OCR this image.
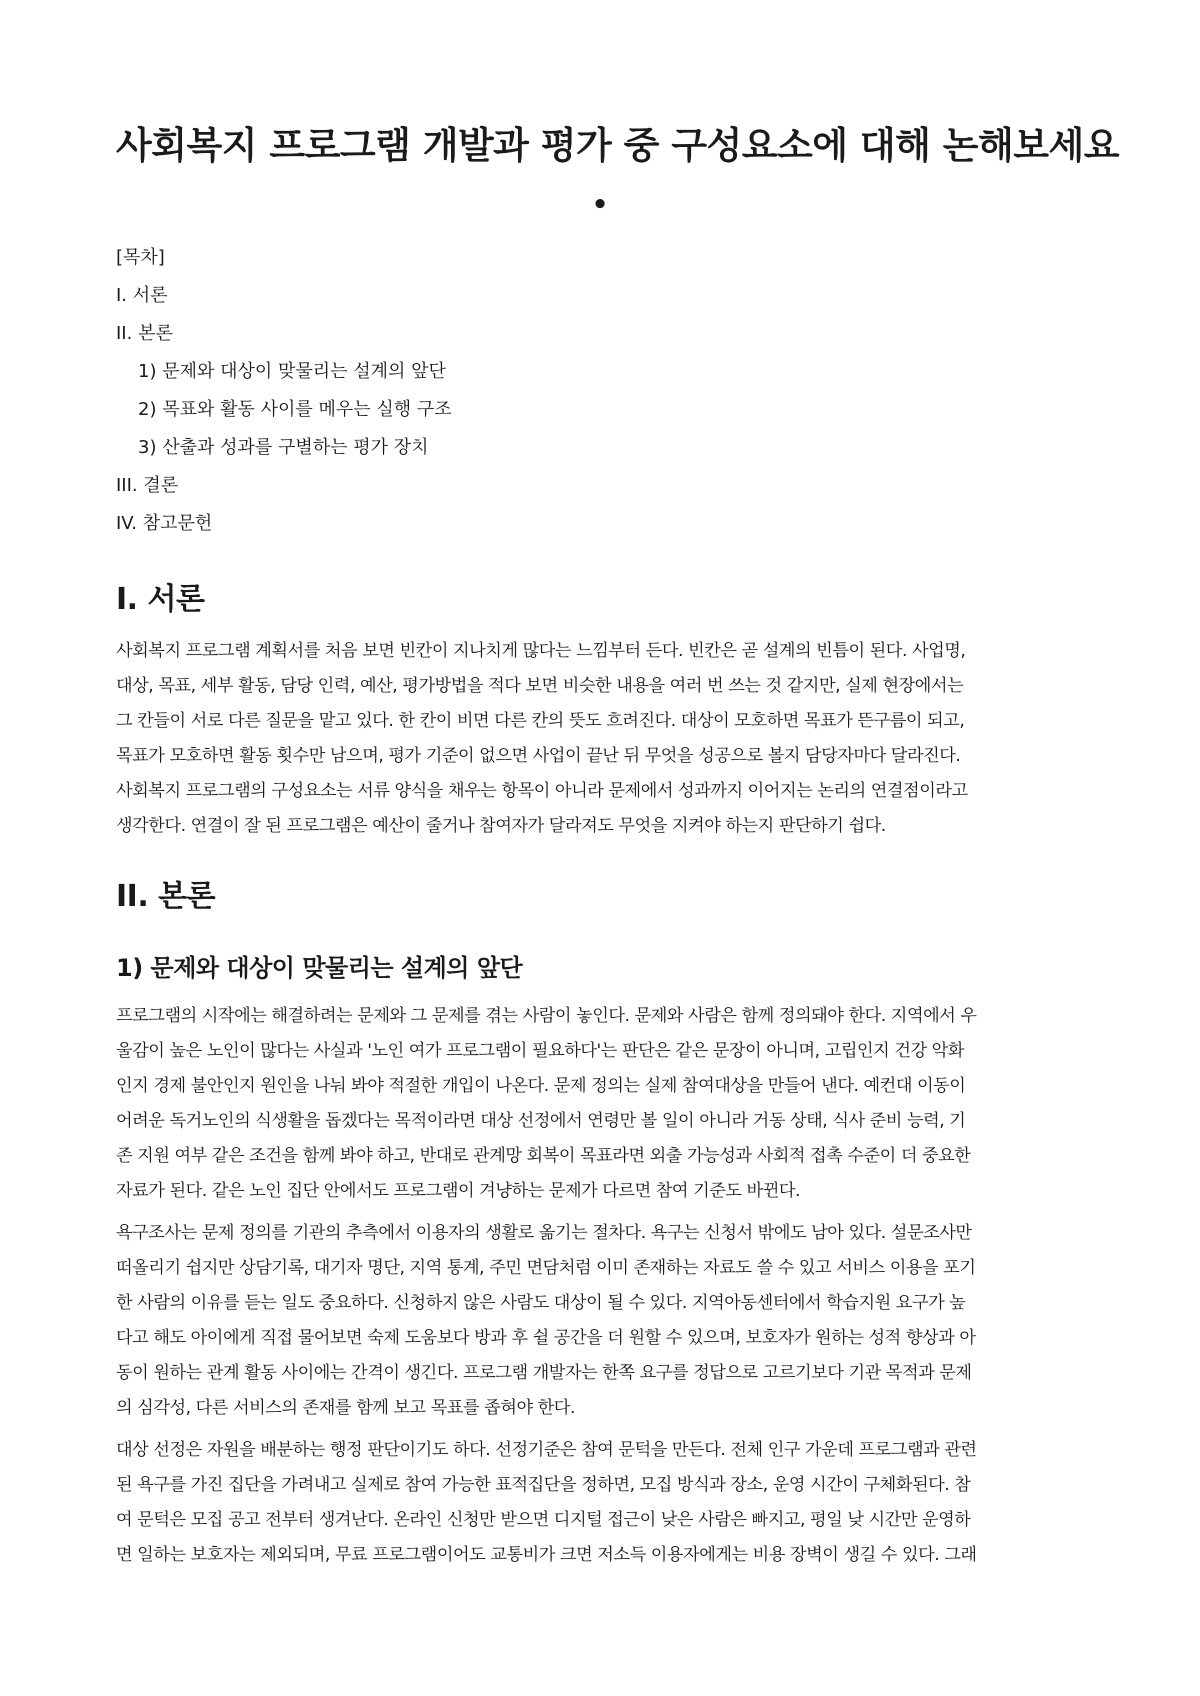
사회복지 프로그램 개발과 평가 중 구성요소에 대해 논해보세요
•
[목차]
I. 서론
II. 본론
1) 문제와 대상이 맞물리는 설계의 앞단
2) 목표와 활동 사이를 메우는 실행 구조
3) 산출과 성과를 구별하는 평가 장치
III. 결론
IV. 참고문헌
I. 서론

사회복지 프로그램 계획서를 처음 보면 빈칸이 지나치게 많다는 느낌부터 든다. 빈칸은 곧 설계의 빈틈이 된다. 사업명,
대상, 목표, 세부 활동, 담당 인력, 예산, 평가방법을 적다 보면 비슷한 내용을 여러 번 쓰는 것 같지만, 실제 현장에서는
그 칸들이 서로 다른 질문을 맡고 있다. 한 칸이 비면 다른 칸의 뜻도 흐려진다. 대상이 모호하면 목표가 뜬구름이 되고,
목표가 모호하면 활동 횟수만 남으며, 평가 기준이 없으면 사업이 끝난 뒤 무엇을 성공으로 볼지 담당자마다 달라진다.
사회복지 프로그램의 구성요소는 서류 양식을 채우는 항목이 아니라 문제에서 성과까지 이어지는 논리의 연결점이라고
생각한다. 연결이 잘 된 프로그램은 예산이 줄거나 참여자가 달라져도 무엇을 지켜야 하는지 판단하기 쉽다.

II. 본론
1) 문제와 대상이 맞물리는 설계의 앞단

프로그램의 시작에는 해결하려는 문제와 그 문제를 겪는 사람이 놓인다. 문제와 사람은 함께 정의돼야 한다. 지역에서 우
울감이 높은 노인이 많다는 사실과 '노인 여가 프로그램이 필요하다'는 판단은 같은 문장이 아니며, 고립인지 건강 악화
인지 경제 불안인지 원인을 나눠 봐야 적절한 개입이 나온다. 문제 정의는 실제 참여대상을 만들어 낸다. 예컨대 이동이
어려운 독거노인의 식생활을 돕겠다는 목적이라면 대상 선정에서 연령만 볼 일이 아니라 거동 상태, 식사 준비 능력, 기
존 지원 여부 같은 조건을 함께 봐야 하고, 반대로 관계망 회복이 목표라면 외출 가능성과 사회적 접촉 수준이 더 중요한
자료가 된다. 같은 노인 집단 안에서도 프로그램이 겨냥하는 문제가 다르면 참여 기준도 바뀐다.

욕구조사는 문제 정의를 기관의 추측에서 이용자의 생활로 옮기는 절차다. 욕구는 신청서 밖에도 남아 있다. 설문조사만
떠올리기 쉽지만 상담기록, 대기자 명단, 지역 통계, 주민 면담처럼 이미 존재하는 자료도 쓸 수 있고 서비스 이용을 포기
한 사람의 이유를 듣는 일도 중요하다. 신청하지 않은 사람도 대상이 될 수 있다. 지역아동센터에서 학습지원 요구가 높
다고 해도 아이에게 직접 물어보면 숙제 도움보다 방과 후 쉴 공간을 더 원할 수 있으며, 보호자가 원하는 성적 향상과 아
동이 원하는 관계 활동 사이에는 간격이 생긴다. 프로그램 개발자는 한쪽 요구를 정답으로 고르기보다 기관 목적과 문제
의 심각성, 다른 서비스의 존재를 함께 보고 목표를 좁혀야 한다.

대상 선정은 자원을 배분하는 행정 판단이기도 하다. 선정기준은 참여 문턱을 만든다. 전체 인구 가운데 프로그램과 관련
된 욕구를 가진 집단을 가려내고 실제로 참여 가능한 표적집단을 정하면, 모집 방식과 장소, 운영 시간이 구체화된다. 참
여 문턱은 모집 공고 전부터 생겨난다. 온라인 신청만 받으면 디지털 접근이 낮은 사람은 빠지고, 평일 낮 시간만 운영하
면 일하는 보호자는 제외되며, 무료 프로그램이어도 교통비가 크면 저소득 이용자에게는 비용 장벽이 생길 수 있다. 그래
